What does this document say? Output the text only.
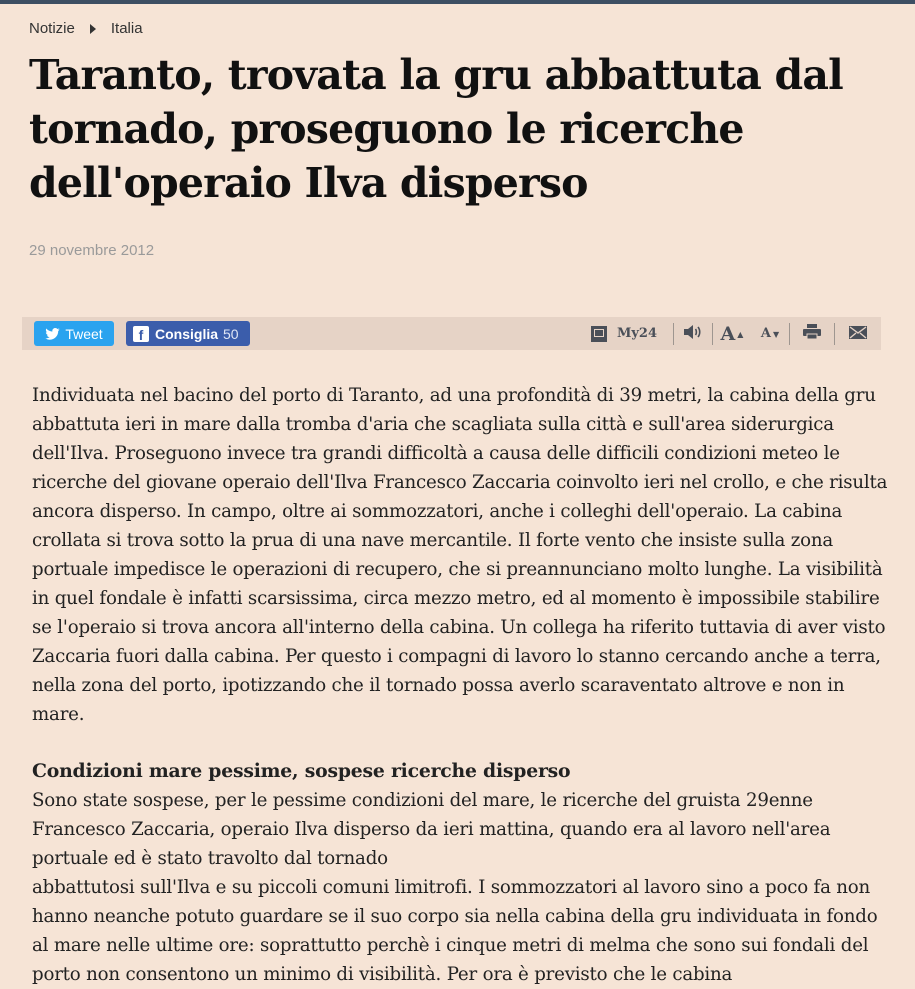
Notizie Italia
Taranto, trovata la gru abbattuta dal tornado, proseguono le ricerche dell'operaio Ilva disperso
29 novembre 2012
Tweet	f Consiglia 50	My24	A ▲ A ▼

Individuata nel bacino del porto di Taranto, ad una profondità di 39 metri, la cabina della gru abbattuta ieri in mare dalla tromba d'aria che scagliata sulla città e sull'area siderurgica dell'Ilva. Proseguono invece tra grandi difficoltà a causa delle difficili condizioni meteo le ricerche del giovane operaio dell'Ilva Francesco Zaccaria coinvolto ieri nel crollo, e che risulta ancora disperso. In campo, oltre ai sommozzatori, anche i colleghi dell'operaio. La cabina crollata si trova sotto la prua di una nave mercantile. Il forte vento che insiste sulla zona portuale impedisce le operazioni di recupero, che si preannunciano molto lunghe. La visibilità in quel fondale è infatti scarsissima, circa mezzo metro, ed al momento è impossibile stabilire se l'operaio si trova ancora all'interno della cabina. Un collega ha riferito tuttavia di aver visto Zaccaria fuori dalla cabina. Per questo i compagni di lavoro lo stanno cercando anche a terra, nella zona del porto, ipotizzando che il tornado possa averlo scaraventato altrove e non in mare.

Condizioni mare pessime, sospese ricerche disperso

Sono state sospese, per le pessime condizioni del mare, le ricerche del gruista 29enne Francesco Zaccaria, operaio Ilva disperso da ieri mattina, quando era al lavoro nell'area portuale ed è stato travolto dal tornado

abbattutosi sull'Ilva e su piccoli comuni limitrofi. I sommozzatori al lavoro sino a poco fa non hanno neanche potuto guardare se il suo corpo sia nella cabina della gru individuata in fondo al mare nelle ultime ore: soprattutto perchè i cinque metri di melma che sono sui fondali del porto non consentono un minimo di visibilità. Per ora è previsto che le cabina
